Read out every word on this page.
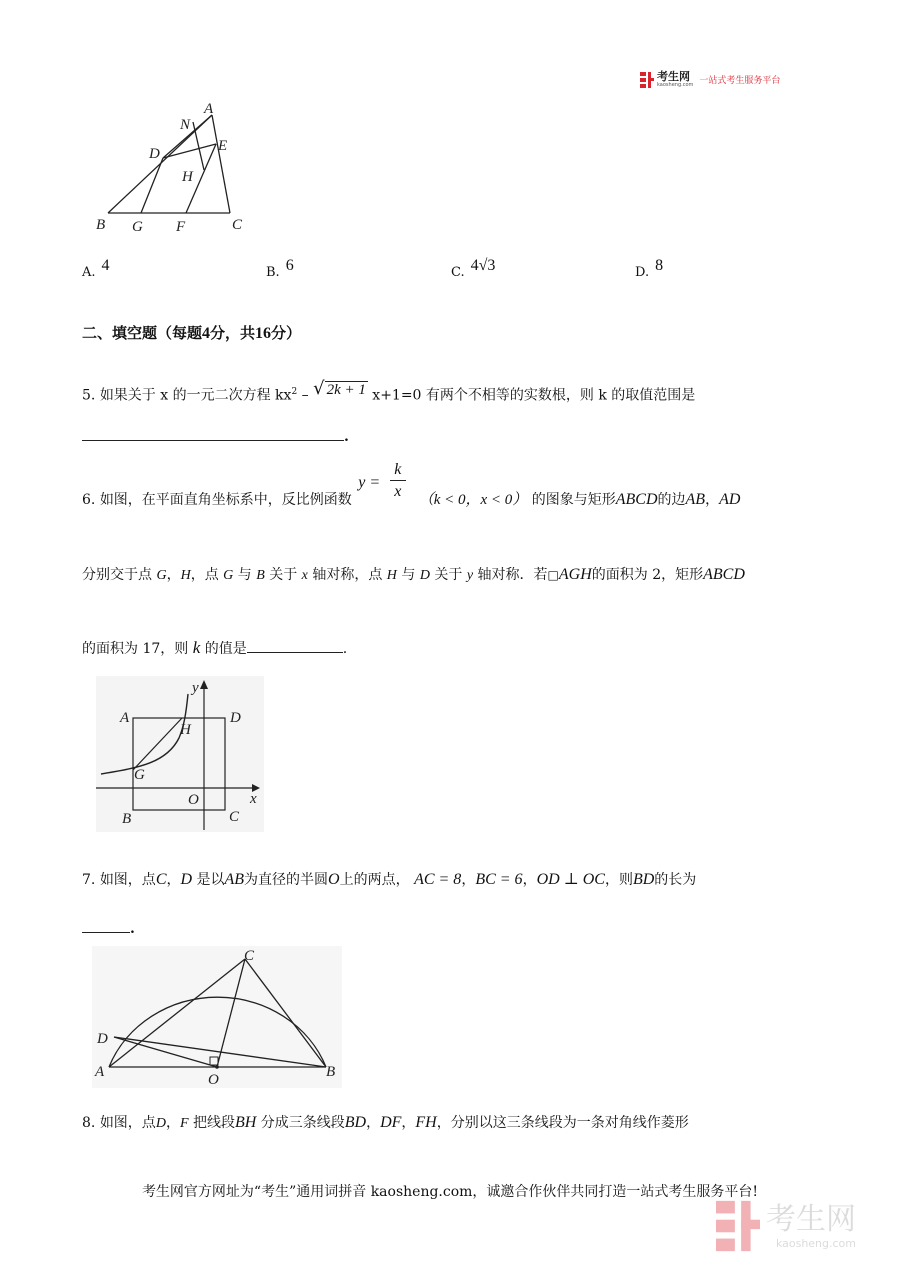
考生网
kaosheng.com 一站式考生服务平台
A
N
D	E
H
B G F	C
A. 4	B. 6	C. 4√3	D. 8
二、填空题（每题4分，共16分）
5. 如果关于 x 的一元二次方程 $kx^2$ – √ 2k + 1 x+1=0 有两个不相等的实数根，则 k 的取值范围是
.
6. 如图，在平面直角坐标系中，反比例函数
y =
k
x （k < 0，x < 0） 的图象与矩形ABCD的边AB，AD
分别交于点 G，H，点 G 与 B 关于 x 轴对称，点 H 与 D 关于 y 轴对称．若□AGH的面积为 2，矩形ABCD
的面积为 17，则 k 的值是	.
y
A	D
H
G
O	x
B	C
7. 如图，点C，D 是以AB为直径的半圆O上的两点， AC = 8，BC = 6，OD ⊥ OC，则BD的长为
.
C
D
A	O	B
8. 如图，点D，F 把线段BH 分成三条线段BD，DF，FH，分别以这三条线段为一条对角线作菱形
考生网官方网址为“考生”通用词拼音 kaosheng.com，诚邀合作伙伴共同打造一站式考生服务平台!
考生网
kaosheng.com
